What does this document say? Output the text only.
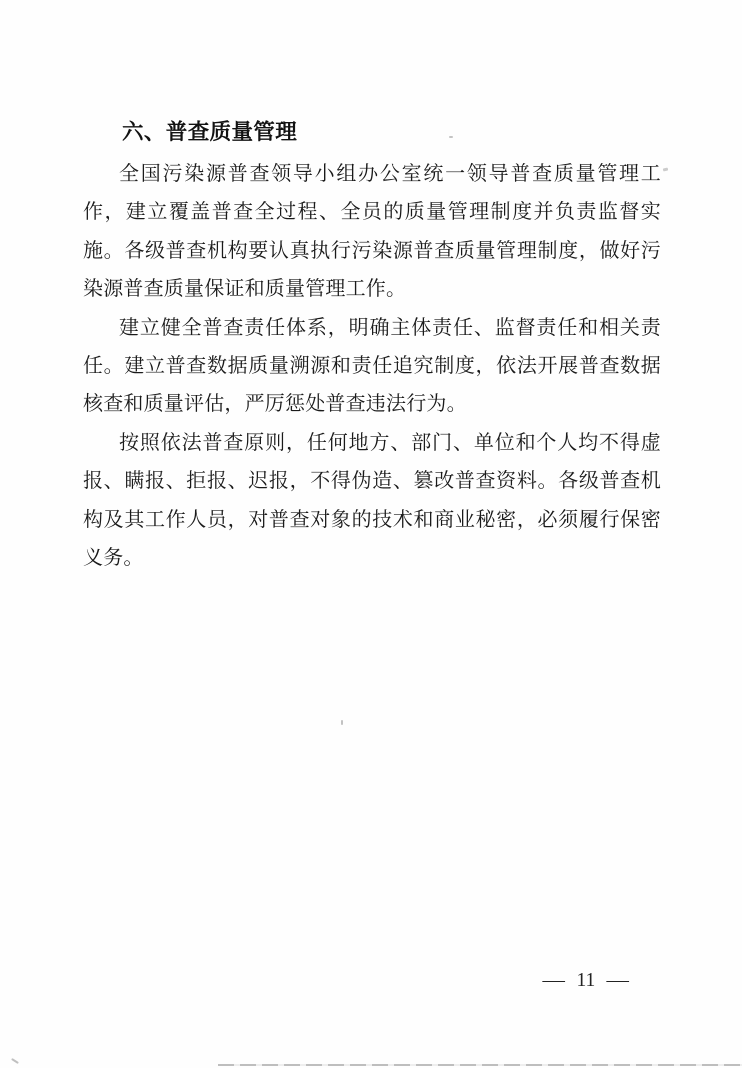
六、普查质量管理
全国污染源普查领导小组办公室统一领导普查质量管理工
作，建立覆盖普查全过程、全员的质量管理制度并负责监督实
施。各级普查机构要认真执行污染源普查质量管理制度，做好污
染源普查质量保证和质量管理工作。
建立健全普查责任体系，明确主体责任、监督责任和相关责
任。建立普查数据质量溯源和责任追究制度，依法开展普查数据
核查和质量评估，严厉惩处普查违法行为。
按照依法普查原则，任何地方、部门、单位和个人均不得虚
报、瞒报、拒报、迟报，不得伪造、篡改普查资料。各级普查机
构及其工作人员，对普查对象的技术和商业秘密，必须履行保密
义务。
— 11 —
